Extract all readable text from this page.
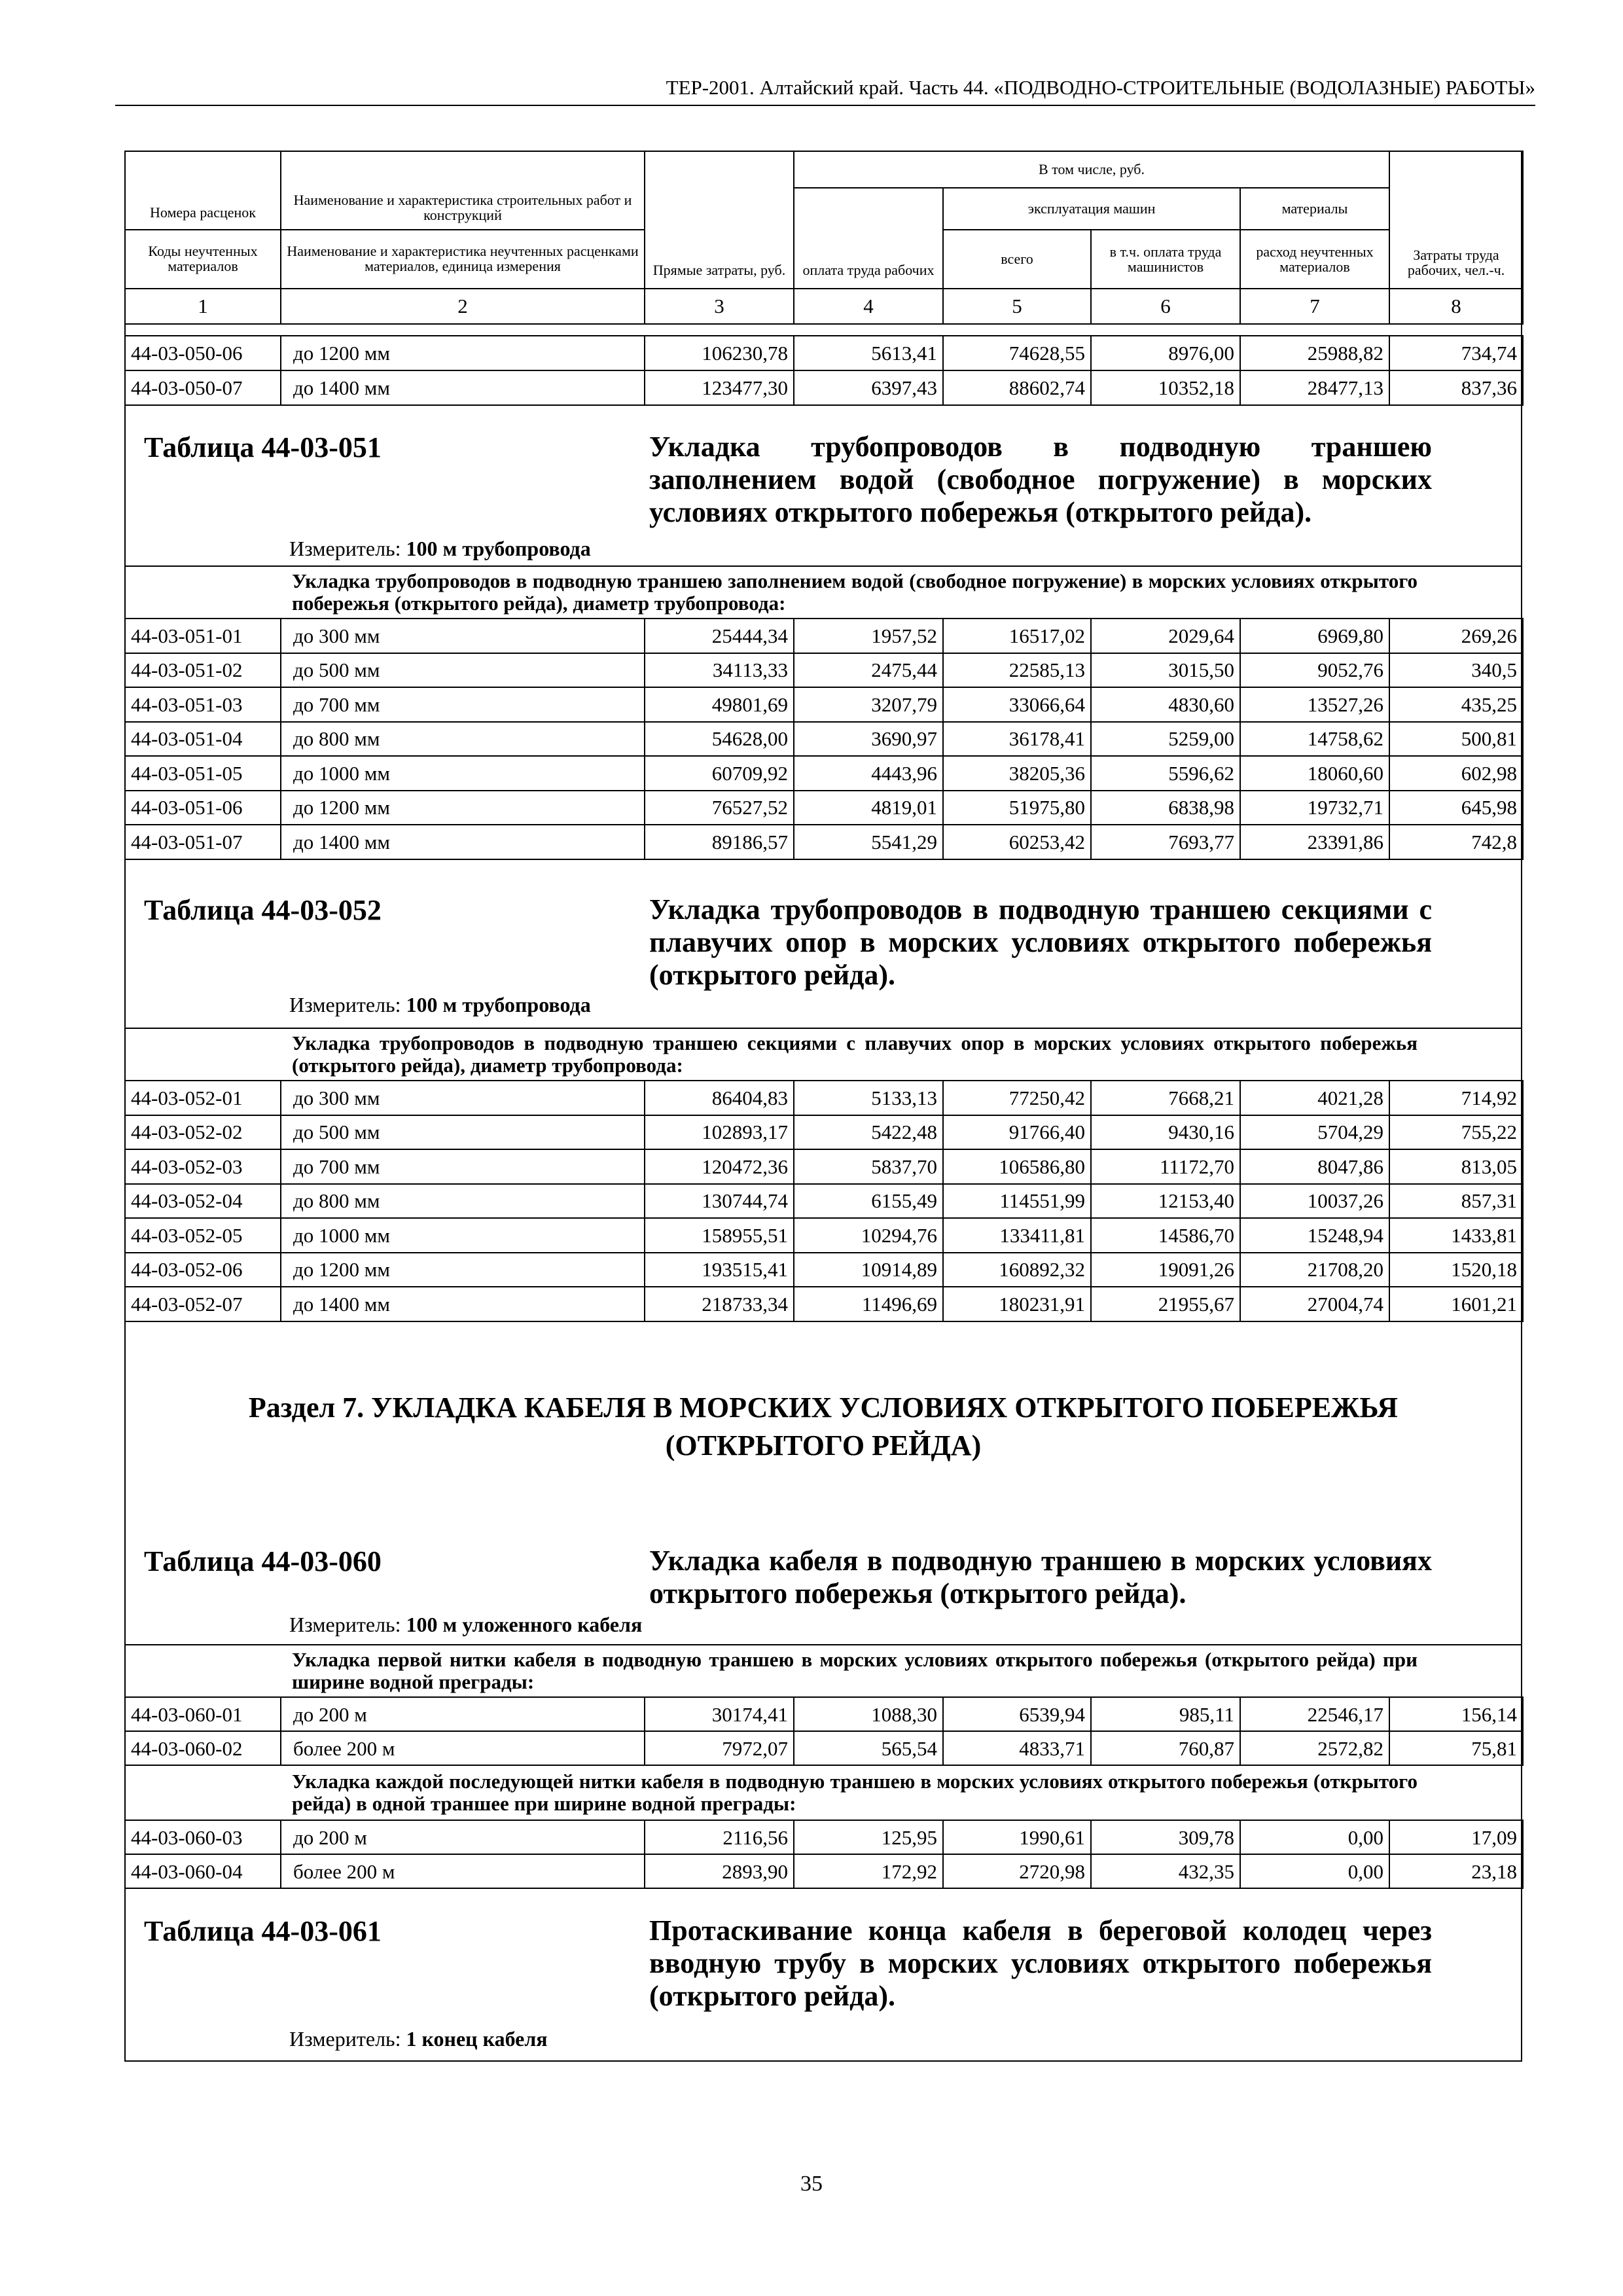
ТЕР-2001. Алтайский край. Часть 44. «ПОДВОДНО-СТРОИТЕЛЬНЫЕ (ВОДОЛАЗНЫЕ) РАБОТЫ»
Номера расценок	Наименование и характеристика строительных работ и конструкций	Прямые затраты, руб.	В том числе, руб.				Затраты труда рабочих, чел.-ч.
			оплата труда рабочих	эксплуатация машин		материалы	
Коды неучтенных материалов	Наименование и характеристика неучтенных расценками материалов, единица измерения			всего	в т.ч. оплата труда машинистов	расход неучтенных материалов	

1	2	3	4	5	6	7	8
44-03-050-06	до 1200 мм	106230,78	5613,41	74628,55	8976,00	25988,82	734,74
44-03-050-07	до 1400 мм	123477,30	6397,43	88602,74	10352,18	28477,13	837,36
Таблица 44-03-051	Укладка трубопроводов в подводную траншею заполнением водой (свободное погружение) в морских условиях открытого побережья (открытого рейда).
Измеритель: 100 м трубопровода
Укладка трубопроводов в подводную траншею заполнением водой (свободное погружение) в морских условиях открытого побережья (открытого рейда), диаметр трубопровода:
44-03-051-01	до 300 мм	25444,34	1957,52	16517,02	2029,64	6969,80	269,26
44-03-051-02	до 500 мм	34113,33	2475,44	22585,13	3015,50	9052,76	340,5
44-03-051-03	до 700 мм	49801,69	3207,79	33066,64	4830,60	13527,26	435,25
44-03-051-04	до 800 мм	54628,00	3690,97	36178,41	5259,00	14758,62	500,81
44-03-051-05	до 1000 мм	60709,92	4443,96	38205,36	5596,62	18060,60	602,98
44-03-051-06	до 1200 мм	76527,52	4819,01	51975,80	6838,98	19732,71	645,98
44-03-051-07	до 1400 мм	89186,57	5541,29	60253,42	7693,77	23391,86	742,8
Таблица 44-03-052	Укладка трубопроводов в подводную траншею секциями с плавучих опор в морских условиях открытого побережья (открытого рейда).
Измеритель: 100 м трубопровода
Укладка трубопроводов в подводную траншею секциями с плавучих опор в морских условиях открытого побережья (открытого рейда), диаметр трубопровода:
44-03-052-01	до 300 мм	86404,83	5133,13	77250,42	7668,21	4021,28	714,92
44-03-052-02	до 500 мм	102893,17	5422,48	91766,40	9430,16	5704,29	755,22
44-03-052-03	до 700 мм	120472,36	5837,70	106586,80	11172,70	8047,86	813,05
44-03-052-04	до 800 мм	130744,74	6155,49	114551,99	12153,40	10037,26	857,31
44-03-052-05	до 1000 мм	158955,51	10294,76	133411,81	14586,70	15248,94	1433,81
44-03-052-06	до 1200 мм	193515,41	10914,89	160892,32	19091,26	21708,20	1520,18
44-03-052-07	до 1400 мм	218733,34	11496,69	180231,91	21955,67	27004,74	1601,21
Раздел 7. УКЛАДКА КАБЕЛЯ В МОРСКИХ УСЛОВИЯХ ОТКРЫТОГО ПОБЕРЕЖЬЯ
(ОТКРЫТОГО РЕЙДА)
Таблица 44-03-060	Укладка кабеля в подводную траншею в морских условиях открытого побережья (открытого рейда).
Измеритель: 100 м уложенного кабеля
Укладка первой нитки кабеля в подводную траншею в морских условиях открытого побережья (открытого рейда) при ширине водной преграды:
44-03-060-01	до 200 м	30174,41	1088,30	6539,94	985,11	22546,17	156,14
44-03-060-02	более 200 м	7972,07	565,54	4833,71	760,87	2572,82	75,81
Укладка каждой последующей нитки кабеля в подводную траншею в морских условиях открытого побережья (открытого рейда) в одной траншее при ширине водной преграды:
44-03-060-03	до 200 м	2116,56	125,95	1990,61	309,78	0,00	17,09
44-03-060-04	более 200 м	2893,90	172,92	2720,98	432,35	0,00	23,18
Таблица 44-03-061	Протаскивание конца кабеля в береговой колодец через вводную трубу в морских условиях открытого побережья (открытого рейда).
Измеритель: 1 конец кабеля
35
